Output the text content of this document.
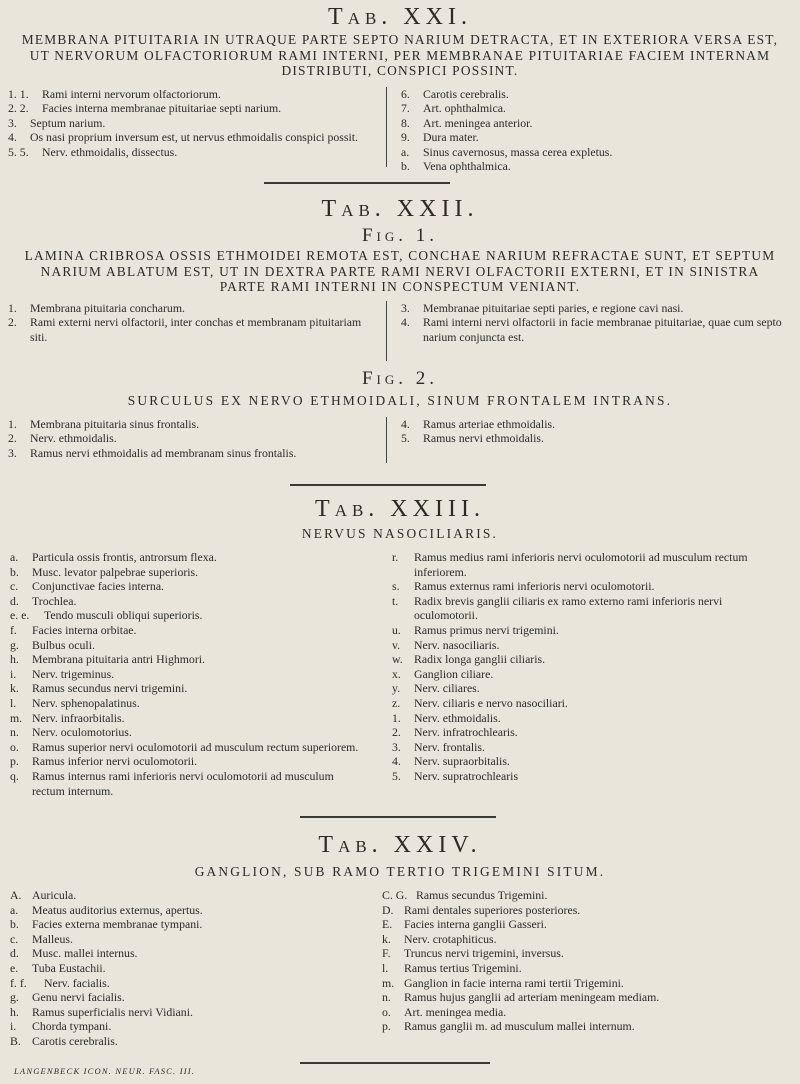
Tab. XXI.
MEMBRANA PITUITARIA IN UTRAQUE PARTE SEPTO NARIUM DETRACTA, ET IN EXTERIORA VERSA EST, UT NERVORUM OLFACTORIORUM RAMI INTERNI, PER MEMBRANAE PITUITARIAE FACIEM INTERNAM DISTRIBUTI, CONSPICI POSSINT.
1. 1.	Rami interni nervorum olfactoriorum.
2. 2.	Facies interna membranae pituitariae septi narium.
3.	Septum narium.
4.	Os nasi proprium inversum est, ut nervus ethmoidalis conspici possit.
5. 5.	Nerv. ethmoidalis, dissectus.
6.	Carotis cerebralis.
7.	Art. ophthalmica.
8.	Art. meningea anterior.
9.	Dura mater.
a.	Sinus cavernosus, massa cerea expletus.
b.	Vena ophthalmica.
Tab. XXII.
Fig. 1.
LAMINA CRIBROSA OSSIS ETHMOIDEI REMOTA EST, CONCHAE NARIUM REFRACTAE SUNT, ET SEPTUM NARIUM ABLATUM EST, UT IN DEXTRA PARTE RAMI NERVI OLFACTORII EXTERNI, ET IN SINISTRA PARTE RAMI INTERNI IN CONSPECTUM VENIANT.
1.	Membrana pituitaria concharum.
2.	Rami externi nervi olfactorii, inter conchas et membranam pituitariam siti.
3.	Membranae pituitariae septi paries, e regione cavi nasi.
4.	Rami interni nervi olfactorii in facie membranae pituitariae, quae cum septo narium conjuncta est.
Fig. 2.
SURCULUS EX NERVO ETHMOIDALI, SINUM FRONTALEM INTRANS.
1.	Membrana pituitaria sinus frontalis.
2.	Nerv. ethmoidalis.
3.	Ramus nervi ethmoidalis ad membranam sinus frontalis.
4.	Ramus arteriae ethmoidalis.
5.	Ramus nervi ethmoidalis.
Tab. XXIII.
NERVUS NASOCILIARIS.
a.	Particula ossis frontis, antrorsum flexa.
b.	Musc. levator palpebrae superioris.
c.	Conjunctivae facies interna.
d.	Trochlea.
e. e.	Tendo musculi obliqui superioris.
f.	Facies interna orbitae.
g.	Bulbus oculi.
h.	Membrana pituitaria antri Highmori.
i.	Nerv. trigeminus.
k.	Ramus secundus nervi trigemini.
l.	Nerv. sphenopalatinus.
m. Nerv. infraorbitalis.
n.	Nerv. oculomotorius.
o.	Ramus superior nervi oculomotorii ad musculum rectum superiorem.
p.	Ramus inferior nervi oculomotorii.
q.	Ramus internus rami inferioris nervi oculomotorii ad musculum rectum internum.
r.	Ramus medius rami inferioris nervi oculomotorii ad musculum rectum inferiorem.
s.	Ramus externus rami inferioris nervi oculomotorii.
t.	Radix brevis ganglii ciliaris ex ramo externo rami inferioris nervi oculomotorii.
u.	Ramus primus nervi trigemini.
v.	Nerv. nasociliaris.
w. Radix longa ganglii ciliaris.
x.	Ganglion ciliare.
y.	Nerv. ciliares.
z.	Nerv. ciliaris e nervo nasociliari.
1.	Nerv. ethmoidalis.
2.	Nerv. infratrochlearis.
3.	Nerv. frontalis.
4.	Nerv. supraorbitalis.
5.	Nerv. supratrochlearis
Tab. XXIV.
GANGLION, SUB RAMO TERTIO TRIGEMINI SITUM.
A. Auricula.
a.	Meatus auditorius externus, apertus.
b.	Facies externa membranae tympani.
c.	Malleus.
d.	Musc. mallei internus.
e.	Tuba Eustachii.
f. f.	Nerv. facialis.
g.	Genu nervi facialis.
h.	Ramus superficialis nervi Vidiani.
i.	Chorda tympani.
B. Carotis cerebralis.
C. G. Ramus secundus Trigemini.
D. Rami dentales superiores posteriores.
E.	Facies interna ganglii Gasseri.
k.	Nerv. crotaphiticus.
F.	Truncus nervi trigemini, inversus.
l.	Ramus tertius Trigemini.
m. Ganglion in facie interna rami tertii Trigemini.
n.	Ramus hujus ganglii ad arteriam meningeam mediam.
o.	Art. meningea media.
p.	Ramus ganglii m. ad musculum mallei internum.
LANGENBECK ICON. NEUR. FASC. III.
